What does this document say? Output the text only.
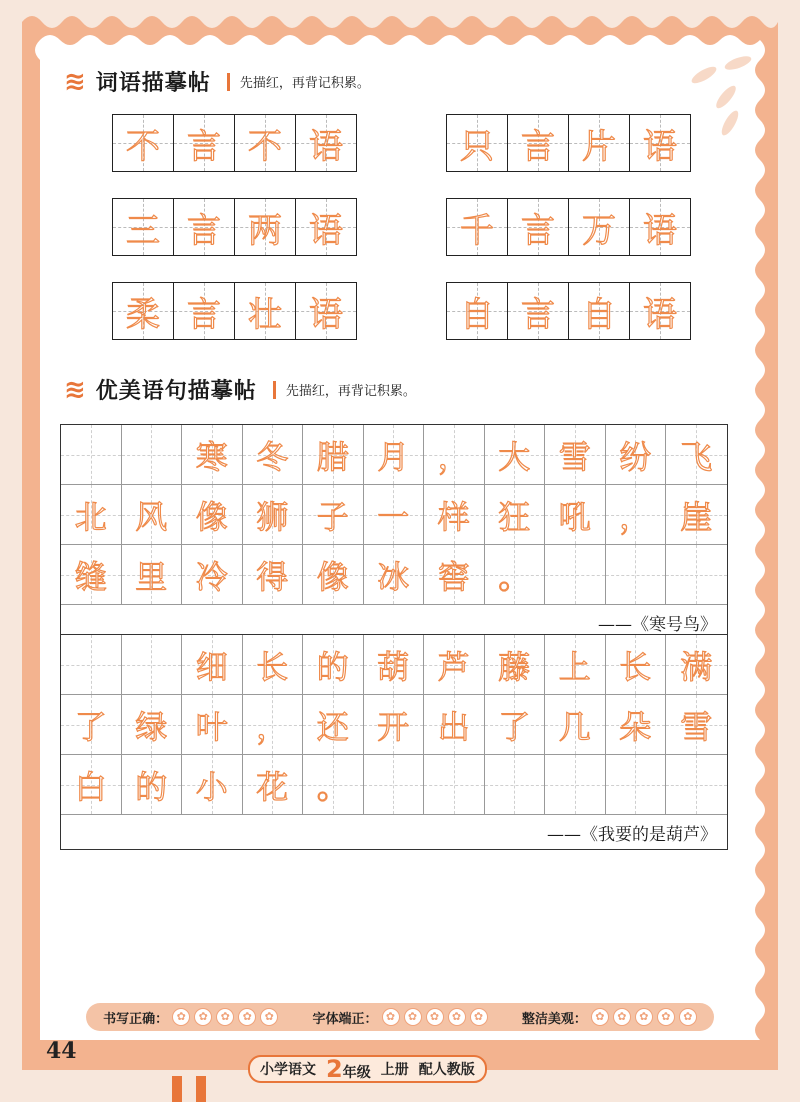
≋ 词语描摹帖 先描红，再背记积累。
不 言 不 语	只 言 片 语
三 言 两 语	千 言 万 语
柔 言 壮 语	自 言 自 语
≋ 优美语句描摹帖 先描红，再背记积累。
寒 冬 腊 月 ， 大 雪 纷 飞
北 风 像 狮 子 一 样 狂 吼 ， 崖
缝 里 冷 得 像 冰 窖 。
——《寒号鸟》
细 长 的 葫 芦 藤 上 长 满
了 绿 叶 ， 还 开 出 了 几 朵 雪
白 的 小 花 。
——《我要的是葫芦》
书写正确： ✿	✿	✿	✿	✿	字体端正： ✿	✿	✿	✿	✿	整洁美观： ✿	✿	✿	✿	✿
44
小学语文 2年级 上册 配人教版
